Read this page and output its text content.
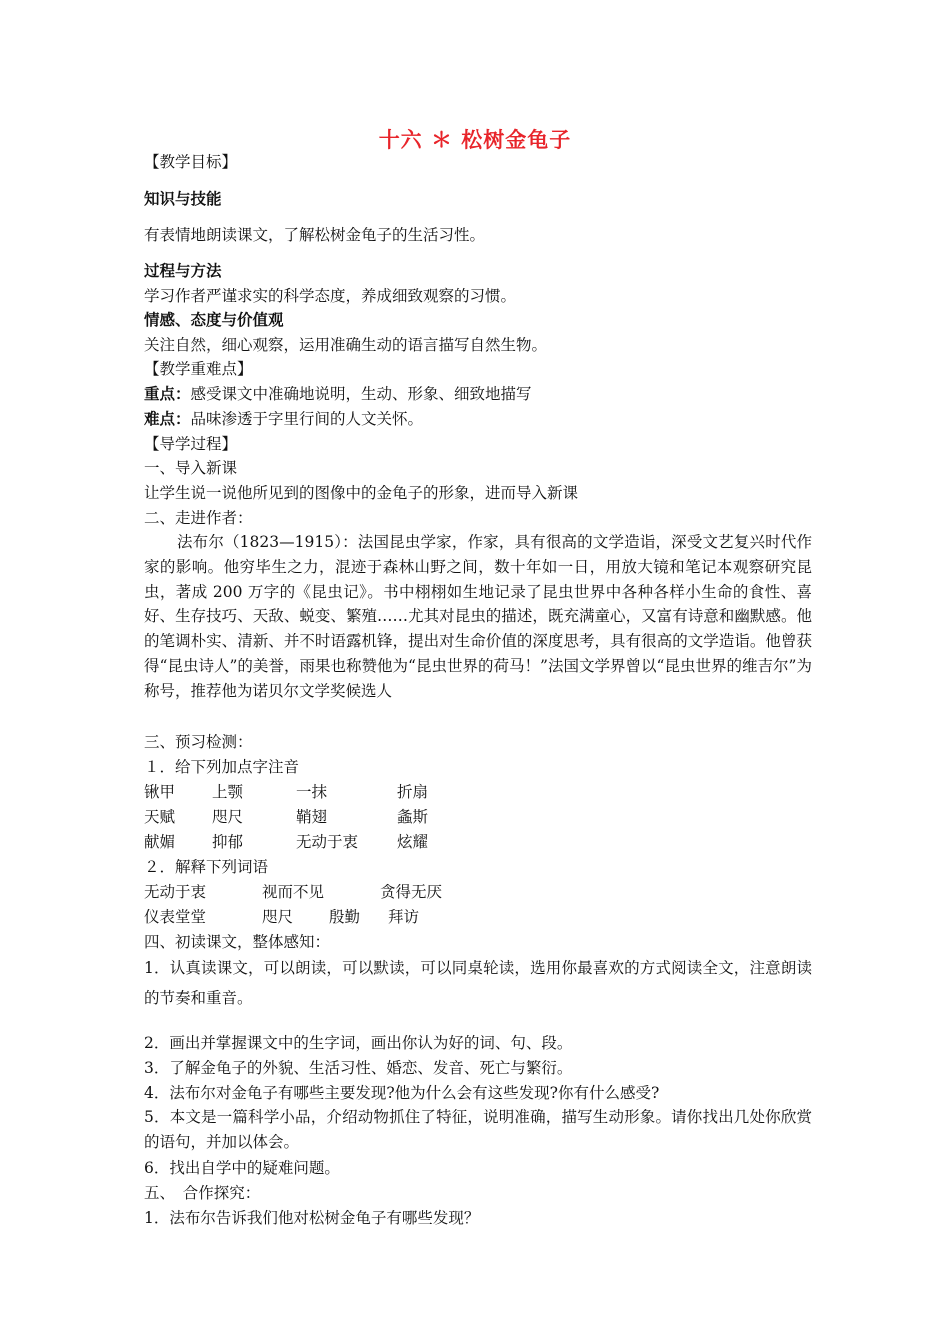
十六 ＊ 松树金龟子
【教学目标】
知识与技能
有表情地朗读课文，了解松树金龟子的生活习性。
过程与方法
学习作者严谨求实的科学态度，养成细致观察的习惯。
情感、态度与价值观
关注自然，细心观察，运用准确生动的语言描写自然生物。
【教学重难点】
重点：感受课文中准确地说明，生动、形象、细致地描写
难点：品味渗透于字里行间的人文关怀。
【导学过程】
一、导入新课
让学生说一说他所见到的图像中的金龟子的形象，进而导入新课
二、走进作者：
法布尔（1823—1915）：法国昆虫学家，作家，具有很高的文学造诣，深受文艺复兴时代作家的影响。他穷毕生之力，混迹于森林山野之间，数十年如一日，用放大镜和笔记本观察研究昆虫，著成 200 万字的《昆虫记》。书中栩栩如生地记录了昆虫世界中各种各样小生命的食性、喜好、生存技巧、天敌、蜕变、繁殖……尤其对昆虫的描述，既充满童心，又富有诗意和幽默感。他的笔调朴实、清新、并不时语露机锋，提出对生命价值的深度思考，具有很高的文学造诣。他曾获得“昆虫诗人”的美誉，雨果也称赞他为“昆虫世界的荷马！”法国文学界曾以“昆虫世界的维吉尔”为称号，推荐他为诺贝尔文学奖候选人
三、预习检测：
１．给下列加点字注音
锹甲 上颚	一抹	折扇
天赋 咫尺	鞘翅	螽斯
献媚 抑郁	无动于衷	炫耀
２．解释下列词语
无动于衷	视而不见	贪得无厌
仪表堂堂	咫尺 殷勤 拜访
四、初读课文，整体感知：
1．认真读课文，可以朗读，可以默读，可以同桌轮读，选用你最喜欢的方式阅读全文，注意朗读的节奏和重音。
2．画出并掌握课文中的生字词，画出你认为好的词、句、段。
3．了解金龟子的外貌、生活习性、婚恋、发音、死亡与繁衍。
4．法布尔对金龟子有哪些主要发现?他为什么会有这些发现?你有什么感受?
5．本文是一篇科学小品，介绍动物抓住了特征，说明准确，描写生动形象。请你找出几处你欣赏的语句，并加以体会。
6．找出自学中的疑难问题。
五、　合作探究：
1．法布尔告诉我们他对松树金龟子有哪些发现？
